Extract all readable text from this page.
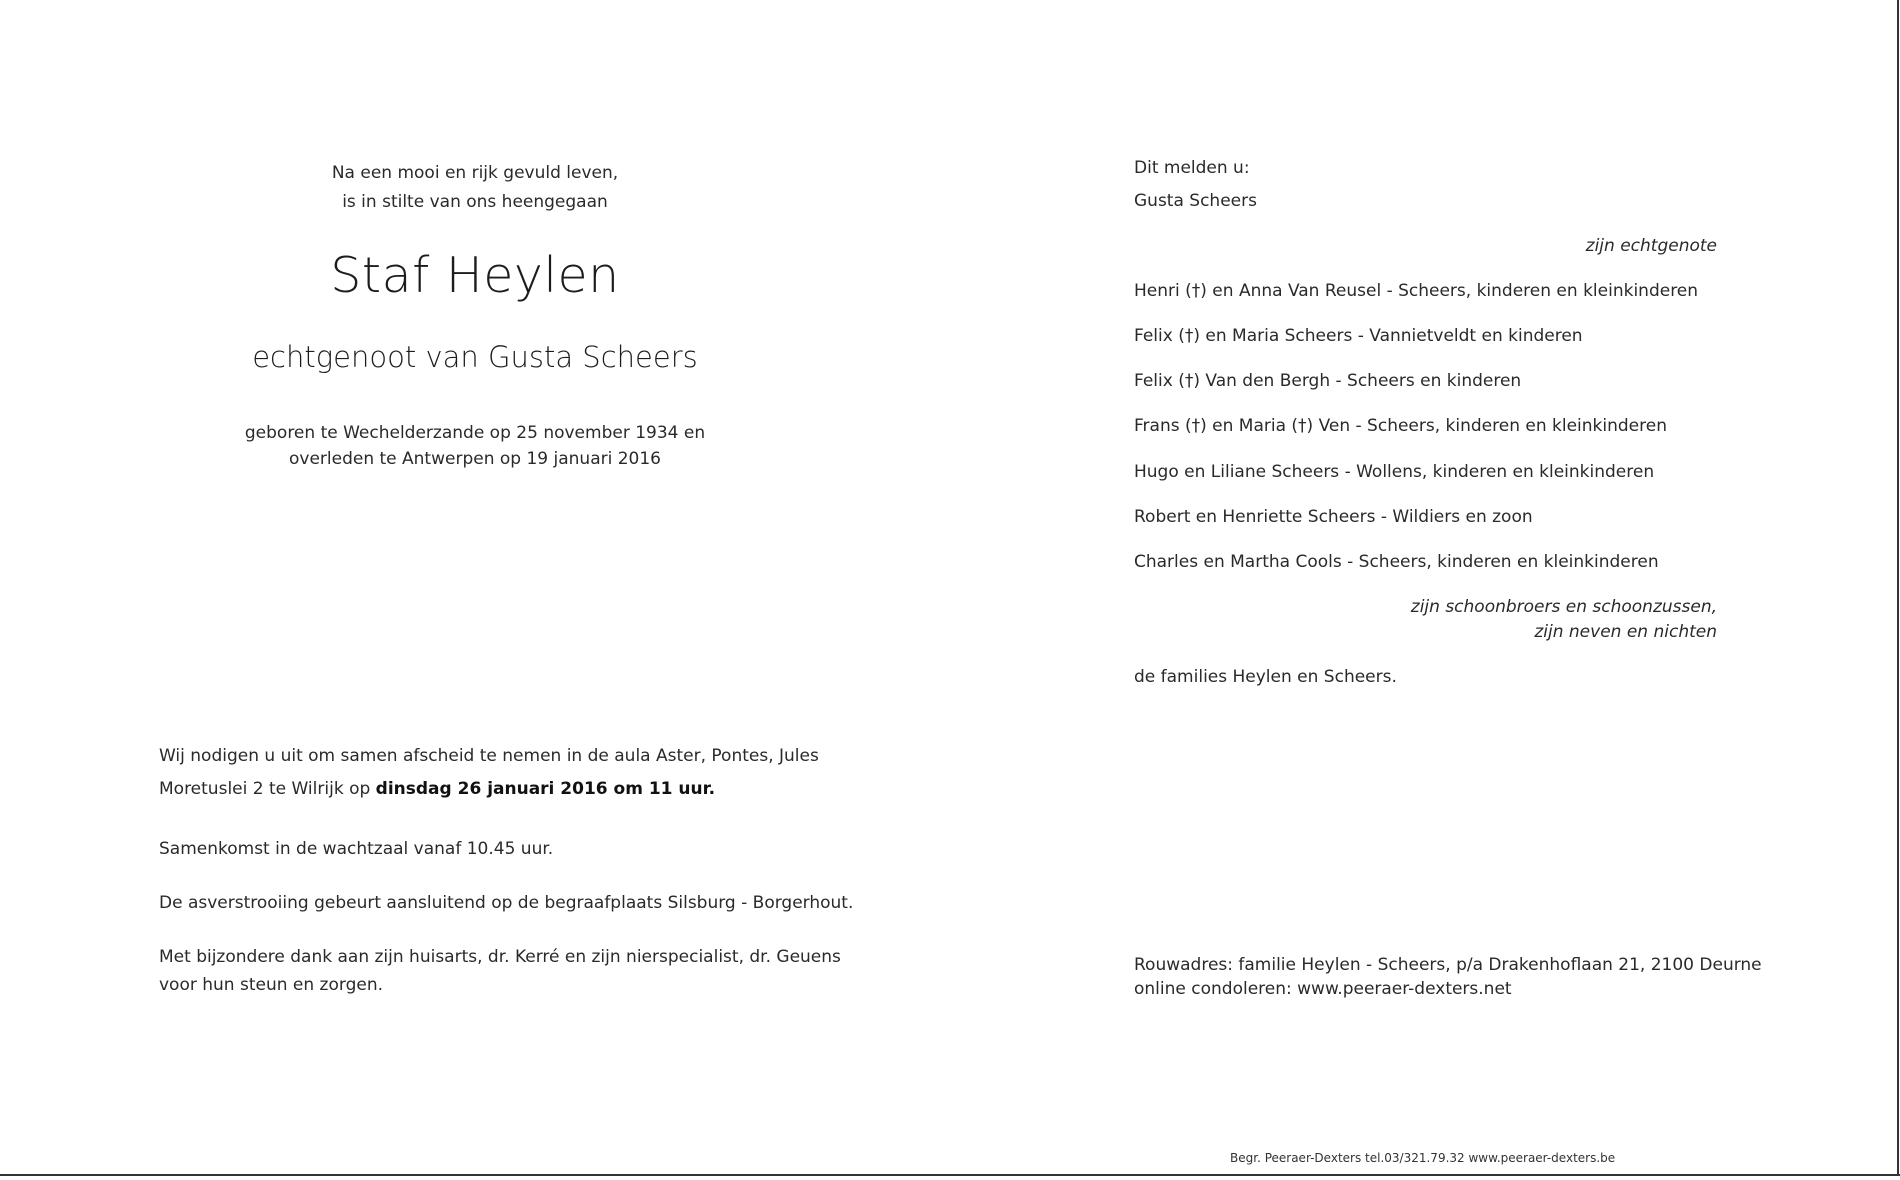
Na een mooi en rijk gevuld leven,
is in stilte van ons heengegaan
Staf Heylen
echtgenoot van Gusta Scheers
geboren te Wechelderzande op 25 november 1934 en
overleden te Antwerpen op 19 januari 2016
Wij nodigen u uit om samen afscheid te nemen in de aula Aster, Pontes, Jules
Moretuslei 2 te Wilrijk op dinsdag 26 januari 2016 om 11 uur.
Samenkomst in de wachtzaal vanaf 10.45 uur.
De asverstrooiing gebeurt aansluitend op de begraafplaats Silsburg - Borgerhout.
Met bijzondere dank aan zijn huisarts, dr. Kerré en zijn nierspecialist, dr. Geuens
voor hun steun en zorgen.
Dit melden u:
Gusta Scheers
zijn echtgenote
Henri (†) en Anna Van Reusel - Scheers, kinderen en kleinkinderen
Felix (†) en Maria Scheers - Vannietveldt en kinderen
Felix (†) Van den Bergh - Scheers en kinderen
Frans (†) en Maria (†) Ven - Scheers, kinderen en kleinkinderen
Hugo en Liliane Scheers - Wollens, kinderen en kleinkinderen
Robert en Henriette Scheers - Wildiers en zoon
Charles en Martha Cools - Scheers, kinderen en kleinkinderen
zijn schoonbroers en schoonzussen,
zijn neven en nichten
de families Heylen en Scheers.
Rouwadres: familie Heylen - Scheers, p/a Drakenhoflaan 21, 2100 Deurne
online condoleren: www.peeraer-dexters.net
Begr. Peeraer-Dexters tel.03/321.79.32 www.peeraer-dexters.be
